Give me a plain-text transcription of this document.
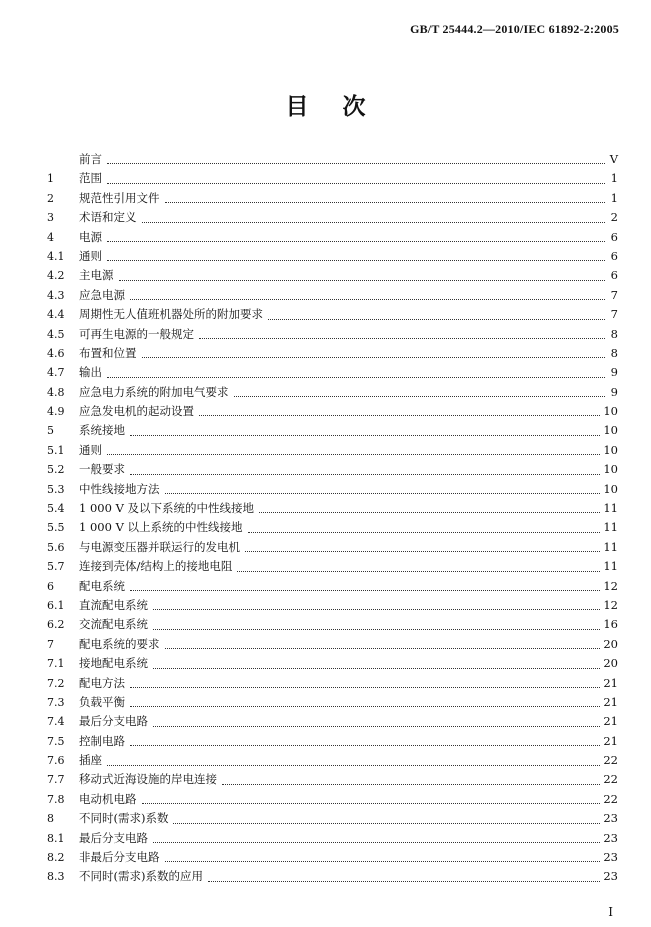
GB/T 25444.2—2010/IEC 61892-2:2005
目次
前言	V
1	范围	1
2	规范性引用文件	1
3	术语和定义	2
4	电源	6
4.1	通则	6
4.2	主电源	6
4.3	应急电源	7
4.4	周期性无人值班机器处所的附加要求	7
4.5	可再生电源的一般规定	8
4.6	布置和位置	8
4.7	输出	9
4.8	应急电力系统的附加电气要求	9
4.9	应急发电机的起动设置	10
5	系统接地	10
5.1	通则	10
5.2	一般要求	10
5.3	中性线接地方法	10
5.4	1 000 V 及以下系统的中性线接地	11
5.5	1 000 V 以上系统的中性线接地	11
5.6	与电源变压器并联运行的发电机	11
5.7	连接到壳体/结构上的接地电阻	11
6	配电系统	12
6.1	直流配电系统	12
6.2	交流配电系统	16
7	配电系统的要求	20
7.1	接地配电系统	20
7.2	配电方法	21
7.3	负载平衡	21
7.4	最后分支电路	21
7.5	控制电路	21
7.6	插座	22
7.7	移动式近海设施的岸电连接	22
7.8	电动机电路	22
8	不同时(需求)系数	23
8.1	最后分支电路	23
8.2	非最后分支电路	23
8.3	不同时(需求)系数的应用	23
I
